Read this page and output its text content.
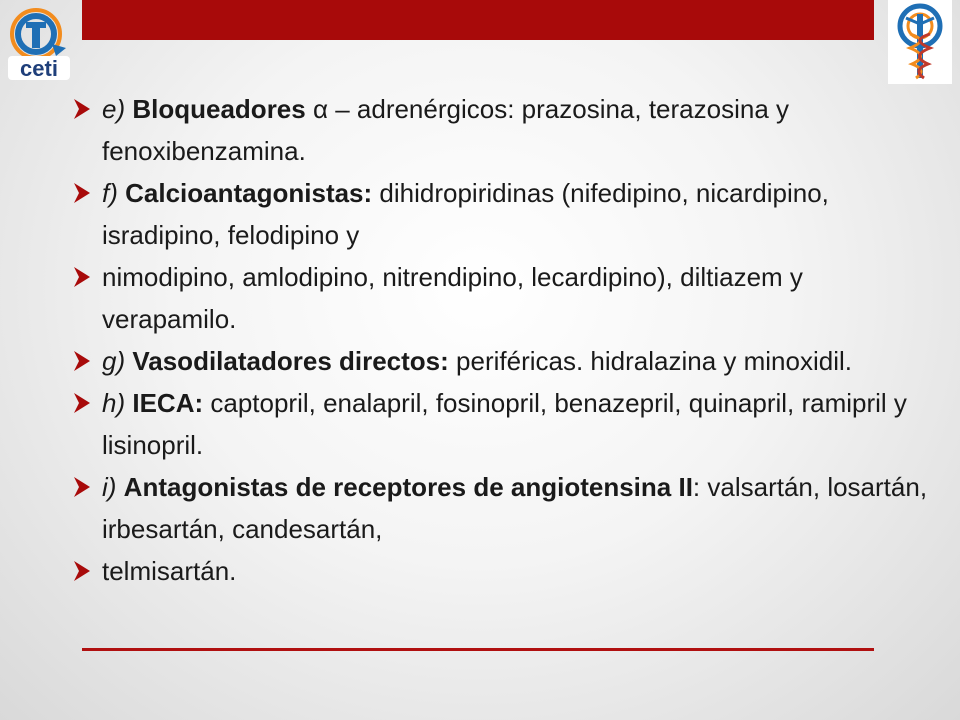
ceti
e) Bloqueadores α – adrenérgicos: prazosina, terazosina y fenoxibenzamina.
f) Calcioantagonistas: dihidropiridinas (nifedipino, nicardipino, isradipino, felodipino y
nimodipino, amlodipino, nitrendipino, lecardipino), diltiazem y verapamilo.
g) Vasodilatadores directos: periféricas. hidralazina y minoxidil.
h) IECA: captopril, enalapril, fosinopril, benazepril, quinapril, ramipril y lisinopril.
i) Antagonistas de receptores de angiotensina II: valsartán, losartán, irbesartán, candesartán,
telmisartán.
